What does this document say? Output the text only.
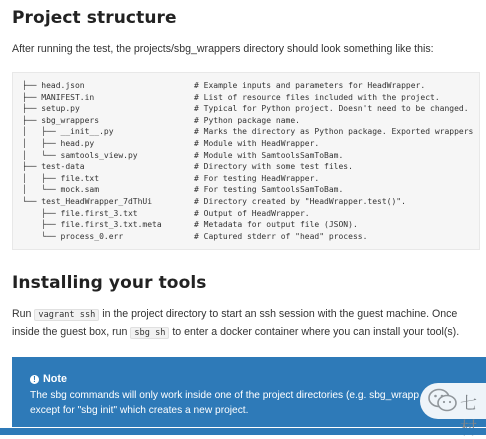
Project structure
After running the test, the projects/sbg_wrappers directory should look something like this:
├── head.json	# Example inputs and parameters for HeadWrapper.
├── MANIFEST.in	# List of resource files included with the project.
├── setup.py	# Typical for Python project. Doesn't need to be changed.
├── sbg_wrappers	# Python package name.
│   ├── __init__.py	# Marks the directory as Python package. Exported wrappers
│   ├── head.py	# Module with HeadWrapper.
│   └── samtools_view.py	# Module with SamtoolsSamToBam.
├── test-data	# Directory with some test files.
│   ├── file.txt	# For testing HeadWrapper.
│   └── mock.sam	# For testing SamtoolsSamToBam.
└── test_HeadWrapper_7dThUi	# Directory created by "HeadWrapper.test()".
├── file.first_3.txt	# Output of HeadWrapper.
├── file.first_3.txt.meta	# Metadata for output file (JSON).
└── process_0.err	# Captured stderr of "head" process.
Installing your tools
Run vagrant ssh in the project directory to start an ssh session with the guest machine. Once inside the guest box, run sbg sh to enter a docker container where you can install your tool(s).
! Note
The sbg commands will only work inside one of the project directories (e.g. sbg_wrapp
except for "sbg init" which creates a new project.	七
